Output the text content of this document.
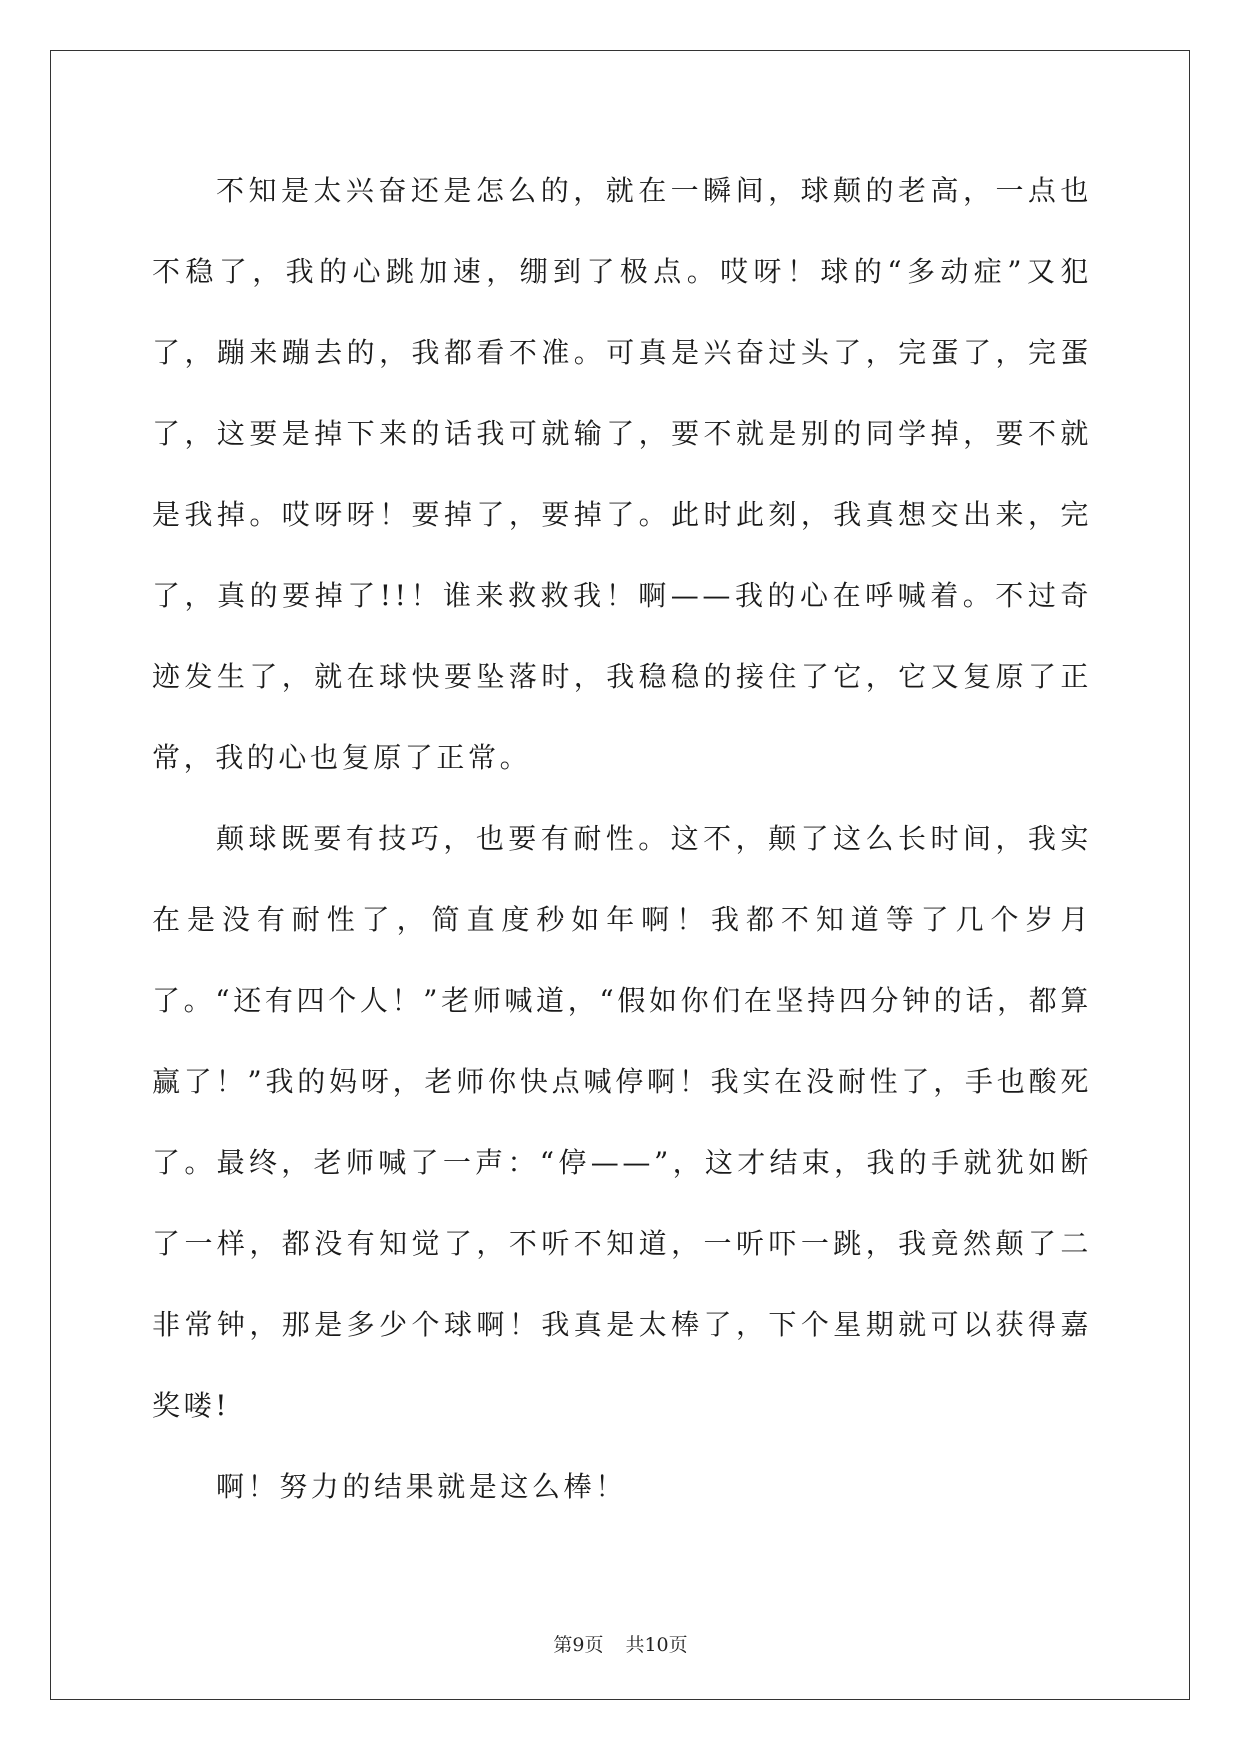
不知是太兴奋还是怎么的，就在一瞬间，球颠的老高，一点也不稳了，我的心跳加速，绷到了极点。哎呀！球的“多动症”又犯了，蹦来蹦去的，我都看不准。可真是兴奋过头了，完蛋了，完蛋了，这要是掉下来的话我可就输了，要不就是别的同学掉，要不就是我掉。哎呀呀！要掉了，要掉了。此时此刻，我真想交出来，完了，真的要掉了!!！谁来救救我！啊——我的心在呼喊着。不过奇迹发生了，就在球快要坠落时，我稳稳的接住了它，它又复原了正常，我的心也复原了正常。

颠球既要有技巧，也要有耐性。这不，颠了这么长时间，我实在是没有耐性了，简直度秒如年啊！我都不知道等了几个岁月了。“还有四个人！”老师喊道，“假如你们在坚持四分钟的话，都算赢了！”我的妈呀，老师你快点喊停啊！我实在没耐性了，手也酸死了。最终，老师喊了一声：“停——”，这才结束，我的手就犹如断了一样，都没有知觉了，不听不知道，一听吓一跳，我竟然颠了二非常钟，那是多少个球啊！我真是太棒了，下个星期就可以获得嘉奖喽!

啊！努力的结果就是这么棒！

第9页 共10页
